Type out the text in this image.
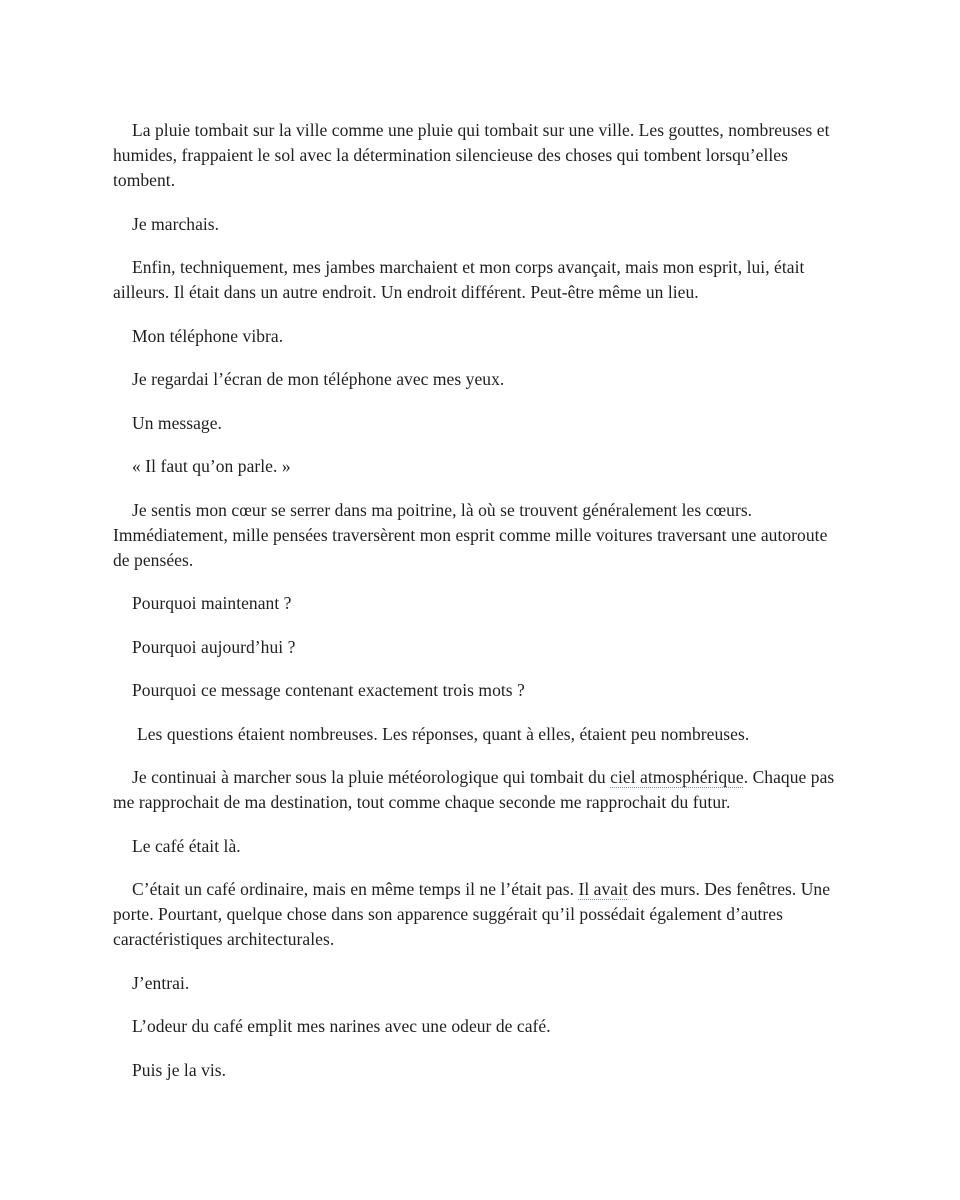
La pluie tombait sur la ville comme une pluie qui tombait sur une ville. Les gouttes, nombreuses et humides, frappaient le sol avec la détermination silencieuse des choses qui tombent lorsqu’elles tombent.

Je marchais.

Enfin, techniquement, mes jambes marchaient et mon corps avançait, mais mon esprit, lui, était ailleurs. Il était dans un autre endroit. Un endroit différent. Peut-être même un lieu.

Mon téléphone vibra.

Je regardai l’écran de mon téléphone avec mes yeux.

Un message.

« Il faut qu’on parle. »

Je sentis mon cœur se serrer dans ma poitrine, là où se trouvent généralement les cœurs. Immédiatement, mille pensées traversèrent mon esprit comme mille voitures traversant une autoroute de pensées.

Pourquoi maintenant ?

Pourquoi aujourd’hui ?

Pourquoi ce message contenant exactement trois mots ?

Les questions étaient nombreuses. Les réponses, quant à elles, étaient peu nombreuses.

Je continuai à marcher sous la pluie météorologique qui tombait du ciel atmosphérique. Chaque pas me rapprochait de ma destination, tout comme chaque seconde me rapprochait du futur.

Le café était là.

C’était un café ordinaire, mais en même temps il ne l’était pas. Il avait des murs. Des fenêtres. Une porte. Pourtant, quelque chose dans son apparence suggérait qu’il possédait également d’autres caractéristiques architecturales.

J’entrai.

L’odeur du café emplit mes narines avec une odeur de café.

Puis je la vis.
